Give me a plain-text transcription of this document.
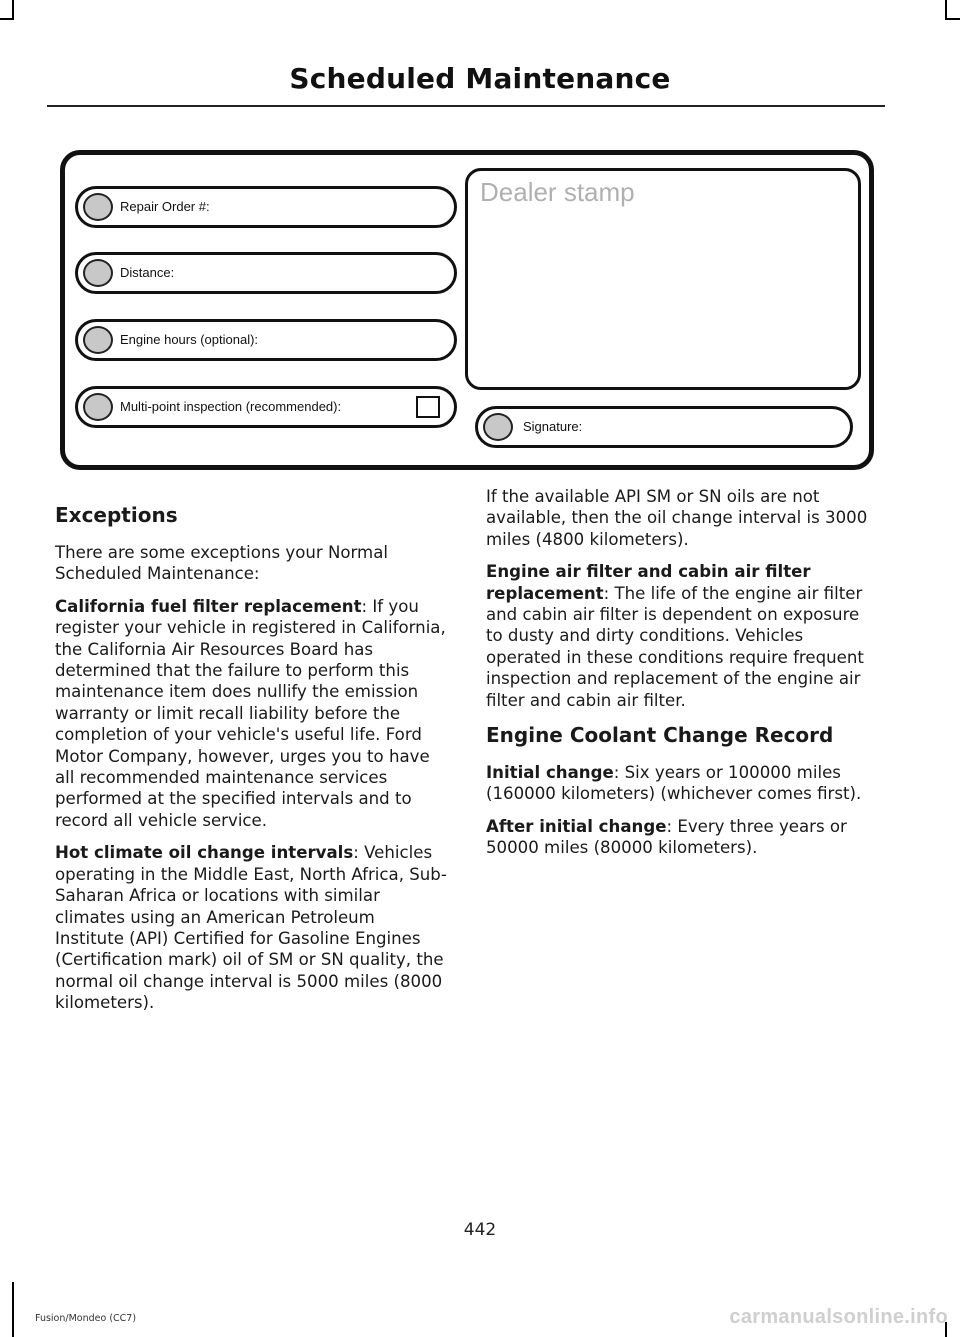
Scheduled Maintenance
Repair Order #:
Distance:
Engine hours (optional):
Multi-point inspection (recommended):
Dealer stamp
Signature:
Exceptions

There are some exceptions your Normal Scheduled Maintenance:

California fuel filter replacement: If you register your vehicle in registered in California, the California Air Resources Board has determined that the failure to perform this maintenance item does nullify the emission warranty or limit recall liability before the completion of your vehicle's useful life. Ford Motor Company, however, urges you to have all recommended maintenance services performed at the specified intervals and to record all vehicle service.

Hot climate oil change intervals: Vehicles operating in the Middle East, North Africa, Sub-Saharan Africa or locations with similar climates using an American Petroleum Institute (API) Certified for Gasoline Engines (Certification mark) oil of SM or SN quality, the normal oil change interval is 5000 miles (8000 kilometers).

If the available API SM or SN oils are not available, then the oil change interval is 3000 miles (4800 kilometers).

Engine air filter and cabin air filter replacement: The life of the engine air filter and cabin air filter is dependent on exposure to dusty and dirty conditions. Vehicles operated in these conditions require frequent inspection and replacement of the engine air filter and cabin air filter.

Engine Coolant Change Record

Initial change: Six years or 100000 miles (160000 kilometers) (whichever comes first).

After initial change: Every three years or 50000 miles (80000 kilometers).

442
Fusion/Mondeo (CC7)	carmanualsonline.info
